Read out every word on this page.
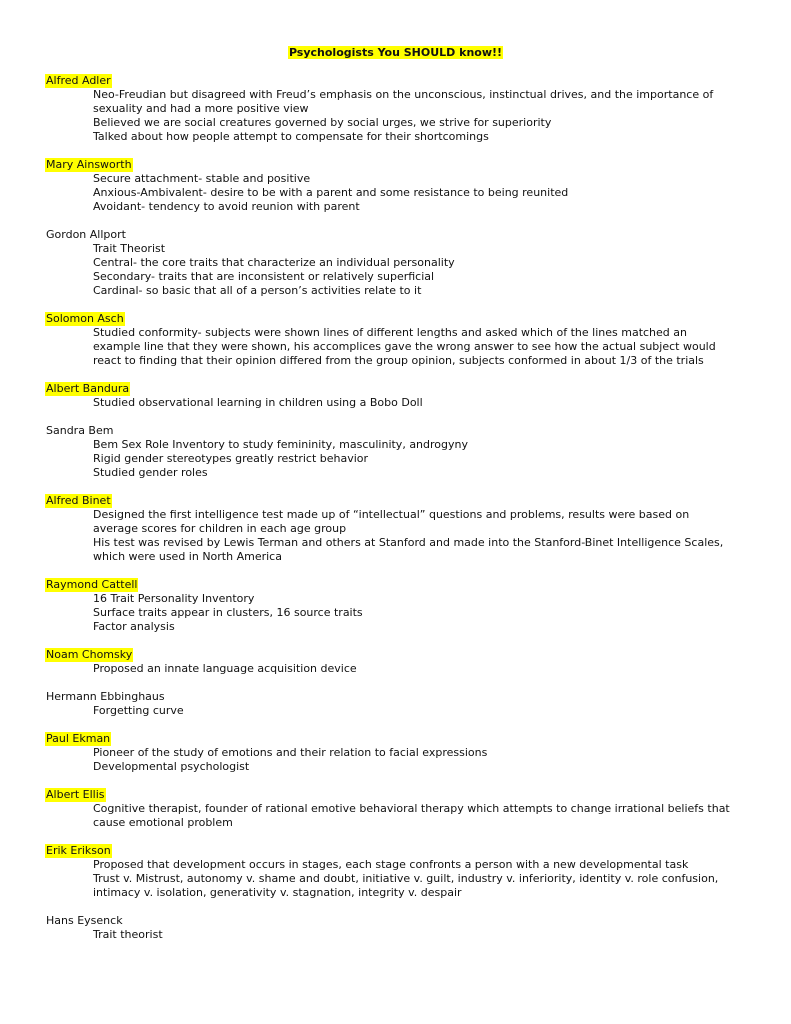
Psychologists You SHOULD know!!
Alfred Adler
Neo-Freudian but disagreed with Freud’s emphasis on the unconscious, instinctual drives, and the importance of sexuality and had a more positive view
Believed we are social creatures governed by social urges, we strive for superiority
Talked about how people attempt to compensate for their shortcomings
Mary Ainsworth
Secure attachment- stable and positive
Anxious-Ambivalent- desire to be with a parent and some resistance to being reunited
Avoidant- tendency to avoid reunion with parent
Gordon Allport
Trait Theorist
Central- the core traits that characterize an individual personality
Secondary- traits that are inconsistent or relatively superficial
Cardinal- so basic that all of a person’s activities relate to it
Solomon Asch
Studied conformity- subjects were shown lines of different lengths and asked which of the lines matched an example line that they were shown, his accomplices gave the wrong answer to see how the actual subject would react to finding that their opinion differed from the group opinion, subjects conformed in about 1/3 of the trials
Albert Bandura
Studied observational learning in children using a Bobo Doll
Sandra Bem
Bem Sex Role Inventory to study femininity, masculinity, androgyny
Rigid gender stereotypes greatly restrict behavior
Studied gender roles
Alfred Binet
Designed the first intelligence test made up of “intellectual” questions and problems, results were based on average scores for children in each age group
His test was revised by Lewis Terman and others at Stanford and made into the Stanford-Binet Intelligence Scales, which were used in North America
Raymond Cattell
16 Trait Personality Inventory
Surface traits appear in clusters, 16 source traits
Factor analysis
Noam Chomsky
Proposed an innate language acquisition device
Hermann Ebbinghaus
Forgetting curve
Paul Ekman
Pioneer of the study of emotions and their relation to facial expressions
Developmental psychologist
Albert Ellis
Cognitive therapist, founder of rational emotive behavioral therapy which attempts to change irrational beliefs that cause emotional problem
Erik Erikson
Proposed that development occurs in stages, each stage confronts a person with a new developmental task
Trust v. Mistrust, autonomy v. shame and doubt, initiative v. guilt, industry v. inferiority, identity v. role confusion, intimacy v. isolation, generativity v. stagnation, integrity v. despair
Hans Eysenck
Trait theorist
